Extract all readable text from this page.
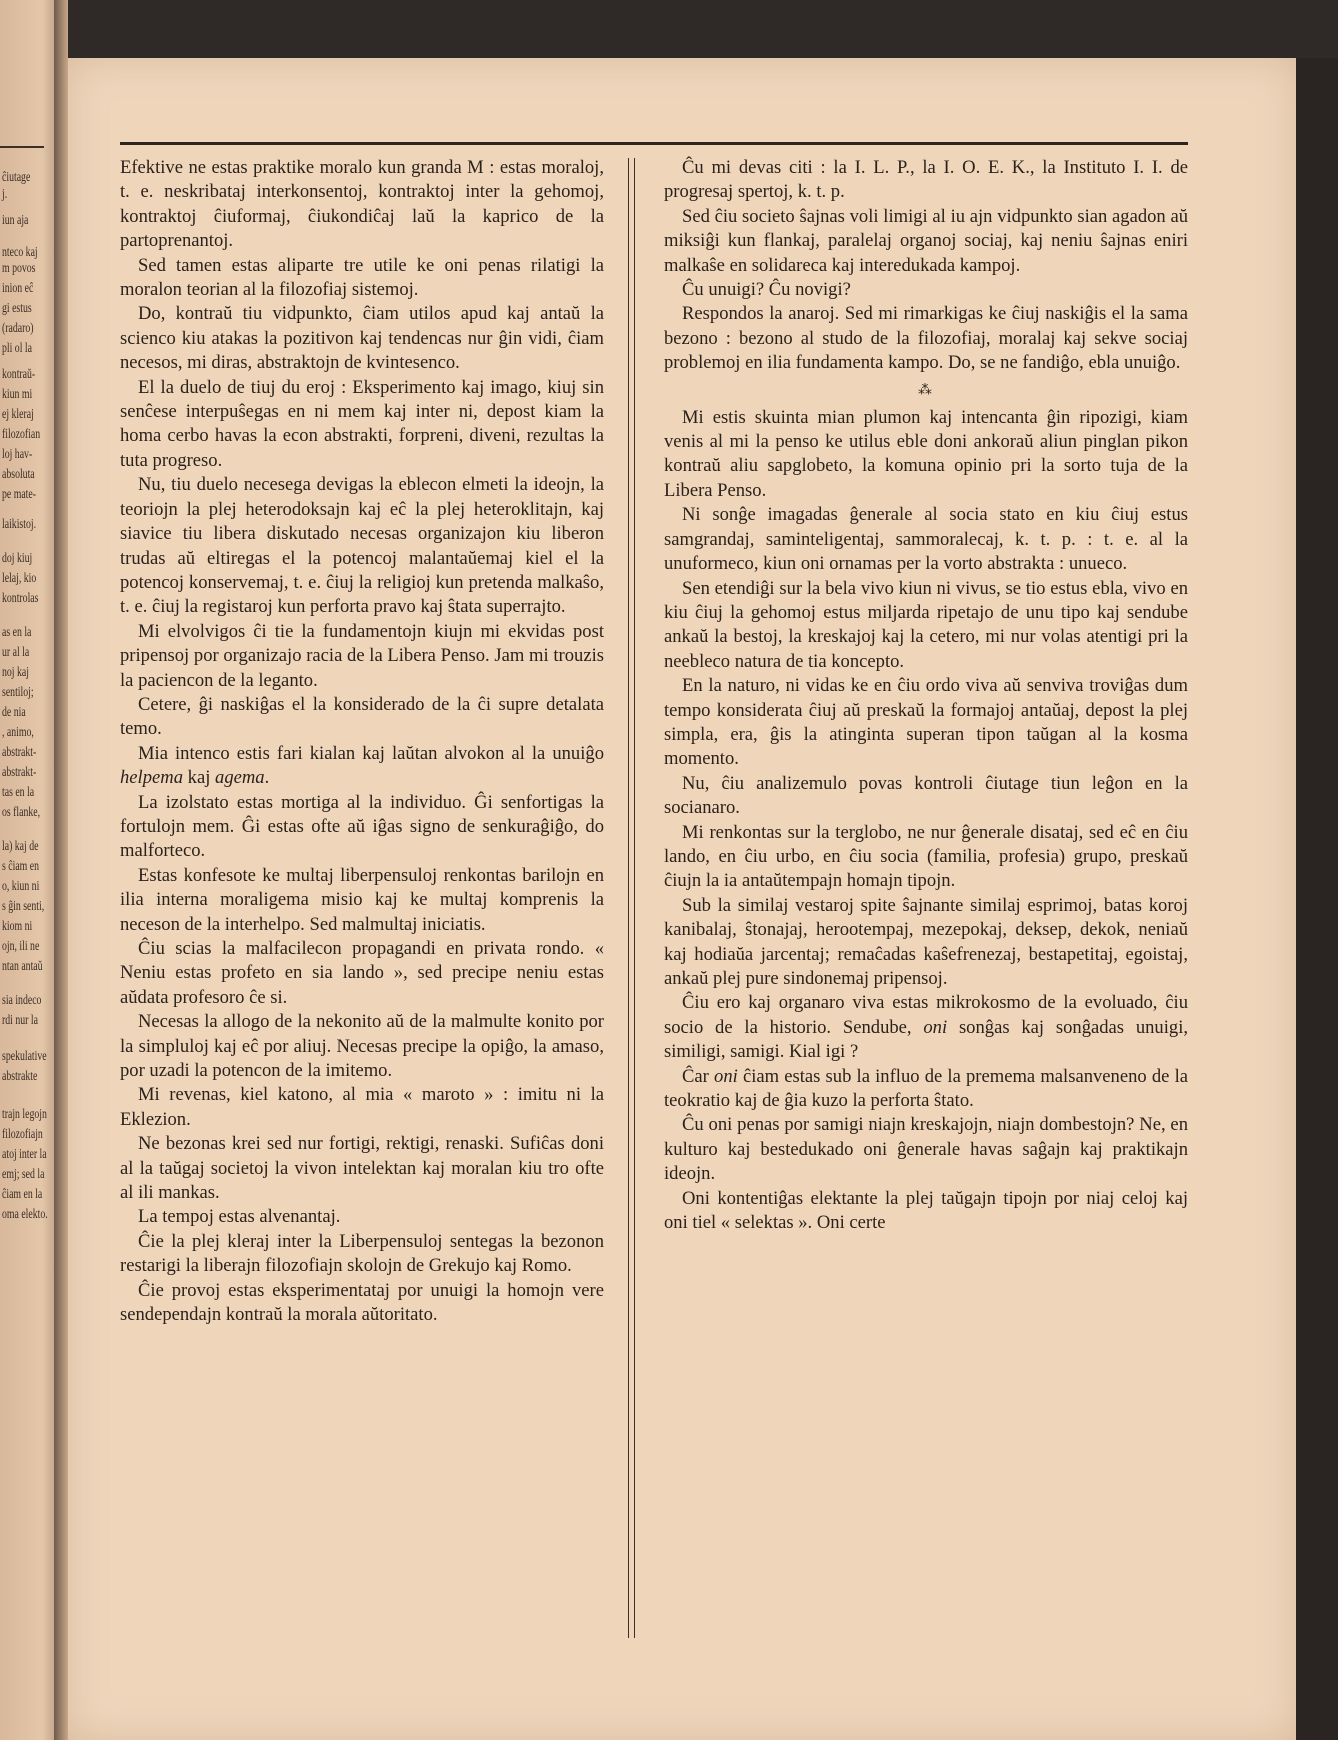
ĉiutage
j.
iun aja
nteco kaj
m povos
inion eĉ
gi estus
(radaro)
pli ol la
kontraŭ-
kiun mi
ej kleraj
filozofian
loj hav-
absoluta
pe mate-
laikistoj.
doj kiuj
lelaj, kio
kontrolas
as en la
ur al la
noj kaj
sentiloj;
de nia
, animo,
abstrakt-
abstrakt-
tas en la
os flanke,
la) kaj de
s ĉiam en
o, kiun ni
s ĝin senti,
kiom ni
ojn, ili ne
ntan antaŭ
sia indeco
rdi nur la
spekulative
abstrakte
trajn legojn
filozofiajn
atoj inter la
emj; sed la
ĉiam en la
oma elekto.

Efektive ne estas praktike moralo kun granda M : estas moraloj, t. e. neskribataj interkonsentoj, kontraktoj inter la gehomoj, kontraktoj ĉiuformaj, ĉiukondiĉaj laŭ la kaprico de la partoprenantoj.

Sed tamen estas aliparte tre utile ke oni penas rilatigi la moralon teorian al la filozofiaj sistemoj.

Do, kontraŭ tiu vidpunkto, ĉiam utilos apud kaj antaŭ la scienco kiu atakas la pozitivon kaj tendencas nur ĝin vidi, ĉiam necesos, mi diras, abstraktojn de kvintesenco.

El la duelo de tiuj du eroj : Eksperimento kaj imago, kiuj sin senĉese interpuŝegas en ni mem kaj inter ni, depost kiam la homa cerbo havas la econ abstrakti, forpreni, diveni, rezultas la tuta progreso.

Nu, tiu duelo necesega devigas la eblecon elmeti la ideojn, la teoriojn la plej heterodoksajn kaj eĉ la plej heteroklitajn, kaj siavice tiu libera diskutado necesas organizajon kiu liberon trudas aŭ eltiregas el la potencoj malantaŭemaj kiel el la potencoj konservemaj, t. e. ĉiuj la religioj kun pretenda malkaŝo, t. e. ĉiuj la registaroj kun perforta pravo kaj ŝtata superrajto.

Mi elvolvigos ĉi tie la fundamentojn kiujn mi ekvidas post pripensoj por organizajo racia de la Libera Penso. Jam mi trouzis la paciencon de la leganto.

Cetere, ĝi naskiĝas el la konsiderado de la ĉi supre detalata temo.

Mia intenco estis fari kialan kaj laŭtan alvokon al la unuiĝo helpema kaj agema.

La izolstato estas mortiga al la individuo. Ĝi senfortigas la fortulojn mem. Ĝi estas ofte aŭ iĝas signo de senkuraĝiĝo, do malforteco.

Estas konfesote ke multaj liberpensuloj renkontas barilojn en ilia interna moraligema misio kaj ke multaj komprenis la neceson de la interhelpo. Sed malmultaj iniciatis.

Ĉiu scias la malfacilecon propagandi en privata rondo. « Neniu estas profeto en sia lando », sed precipe neniu estas aŭdata profesoro ĉe si.

Necesas la allogo de la nekonito aŭ de la malmulte konito por la simpluloj kaj eĉ por aliuj. Necesas precipe la opiĝo, la amaso, por uzadi la potencon de la imitemo.

Mi revenas, kiel katono, al mia « maroto » : imitu ni la Eklezion.

Ne bezonas krei sed nur fortigi, rektigi, renaski. Sufiĉas doni al la taŭgaj societoj la vivon intelektan kaj moralan kiu tro ofte al ili mankas.

La tempoj estas alvenantaj.

Ĉie la plej kleraj inter la Liberpensuloj sentegas la bezonon restarigi la liberajn filozofiajn skolojn de Grekujo kaj Romo.

Ĉie provoj estas eksperimentataj por unuigi la homojn vere sendependajn kontraŭ la morala aŭtoritato.

Ĉu mi devas citi : la I. L. P., la I. O. E. K., la Instituto I. I. de progresaj spertoj, k. t. p.

Sed ĉiu societo ŝajnas voli limigi al iu ajn vidpunkto sian agadon aŭ miksiĝi kun flankaj, paralelaj organoj sociaj, kaj neniu ŝajnas eniri malkaŝe en solidareca kaj interedukada kampoj.

Ĉu unuigi? Ĉu novigi?

Respondos la anaroj. Sed mi rimarkigas ke ĉiuj naskiĝis el la sama bezono : bezono al studo de la filozofiaj, moralaj kaj sekve sociaj problemoj en ilia fundamenta kampo. Do, se ne fandiĝo, ebla unuiĝo.

⁂

Mi estis skuinta mian plumon kaj intencanta ĝin ripozigi, kiam venis al mi la penso ke utilus eble doni ankoraŭ aliun pinglan pikon kontraŭ aliu sapglobeto, la komuna opinio pri la sorto tuja de la Libera Penso.

Ni sonĝe imagadas ĝenerale al socia stato en kiu ĉiuj estus samgrandaj, saminteligentaj, sammoralecaj, k. t. p. : t. e. al la unuformeco, kiun oni ornamas per la vorto abstrakta : unueco.

Sen etendiĝi sur la bela vivo kiun ni vivus, se tio estus ebla, vivo en kiu ĉiuj la gehomoj estus miljarda ripetajo de unu tipo kaj sendube ankaŭ la bestoj, la kreskajoj kaj la cetero, mi nur volas atentigi pri la neebleco natura de tia koncepto.

En la naturo, ni vidas ke en ĉiu ordo viva aŭ senviva troviĝas dum tempo konsiderata ĉiuj aŭ preskaŭ la formajoj antaŭaj, depost la plej simpla, era, ĝis la atinginta superan tipon taŭgan al la kosma momento.

Nu, ĉiu analizemulo povas kontroli ĉiutage tiun leĝon en la socianaro.

Mi renkontas sur la terglobo, ne nur ĝenerale disataj, sed eĉ en ĉiu lando, en ĉiu urbo, en ĉiu socia (familia, profesia) grupo, preskaŭ ĉiujn la ia antaŭtempajn homajn tipojn.

Sub la similaj vestaroj spite ŝajnante similaj esprimoj, batas koroj kanibalaj, ŝtonajaj, herootempaj, mezepokaj, deksep, dekok, neniaŭ kaj hodiaŭa jarcentaj; remaĉadas kaŝefrenezaj, bestapetitaj, egoistaj, ankaŭ plej pure sindonemaj pripensoj.

Ĉiu ero kaj organaro viva estas mikrokosmo de la evoluado, ĉiu socio de la historio. Sendube, oni sonĝas kaj sonĝadas unuigi, similigi, samigi. Kial igi ?

Ĉar oni ĉiam estas sub la influo de la premema malsanveneno de la teokratio kaj de ĝia kuzo la perforta ŝtato.

Ĉu oni penas por samigi niajn kreskajojn, niajn dombestojn? Ne, en kulturo kaj bestedukado oni ĝenerale havas saĝajn kaj praktikajn ideojn.

Oni kontentiĝas elektante la plej taŭgajn tipojn por niaj celoj kaj oni tiel « selektas ». Oni certe
